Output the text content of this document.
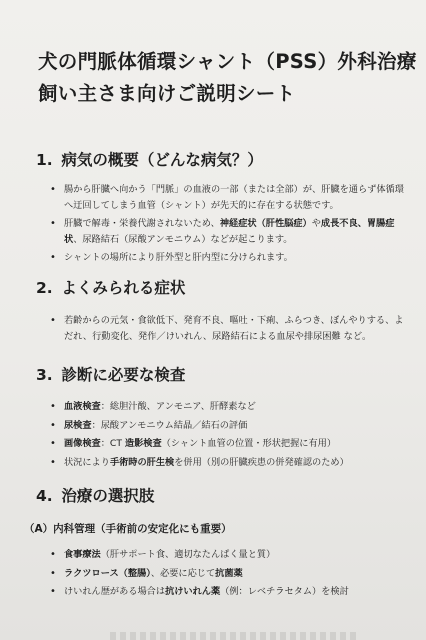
犬の門脈体循環シャント（PSS）外科治療
飼い主さま向けご説明シート
1. 病気の概要（どんな病気？）
• 腸から肝臓へ向かう「門脈」の血液の一部（または全部）が、肝臓を通らず体循環へ迂回してしまう血管（シャント）が先天的に存在する状態です。
• 肝臓で解毒・栄養代謝されないため、神経症状（肝性脳症）や成長不良、胃腸症状、尿路結石（尿酸アンモニウム）などが起こります。
• シャントの場所により肝外型と肝内型に分けられます。
2. よくみられる症状
• 若齢からの元気・食欲低下、発育不良、嘔吐・下痢、ふらつき、ぼんやりする、よだれ、行動変化、発作／けいれん、尿路結石による血尿や排尿困難 など。
3. 診断に必要な検査
• 血液検査：総胆汁酸、アンモニア、肝酵素など
• 尿検査：尿酸アンモニウム結晶／結石の評価
• 画像検査：CT 造影検査（シャント血管の位置・形状把握に有用）
• 状況により手術時の肝生検を併用（別の肝臓疾患の併発確認のため）
4. 治療の選択肢
（A）内科管理（手術前の安定化にも重要）
• 食事療法（肝サポート食、適切なたんぱく量と質）
• ラクツロース（整腸）、必要に応じて抗菌薬
• けいれん歴がある場合は抗けいれん薬（例：レベチラセタム）を検討
